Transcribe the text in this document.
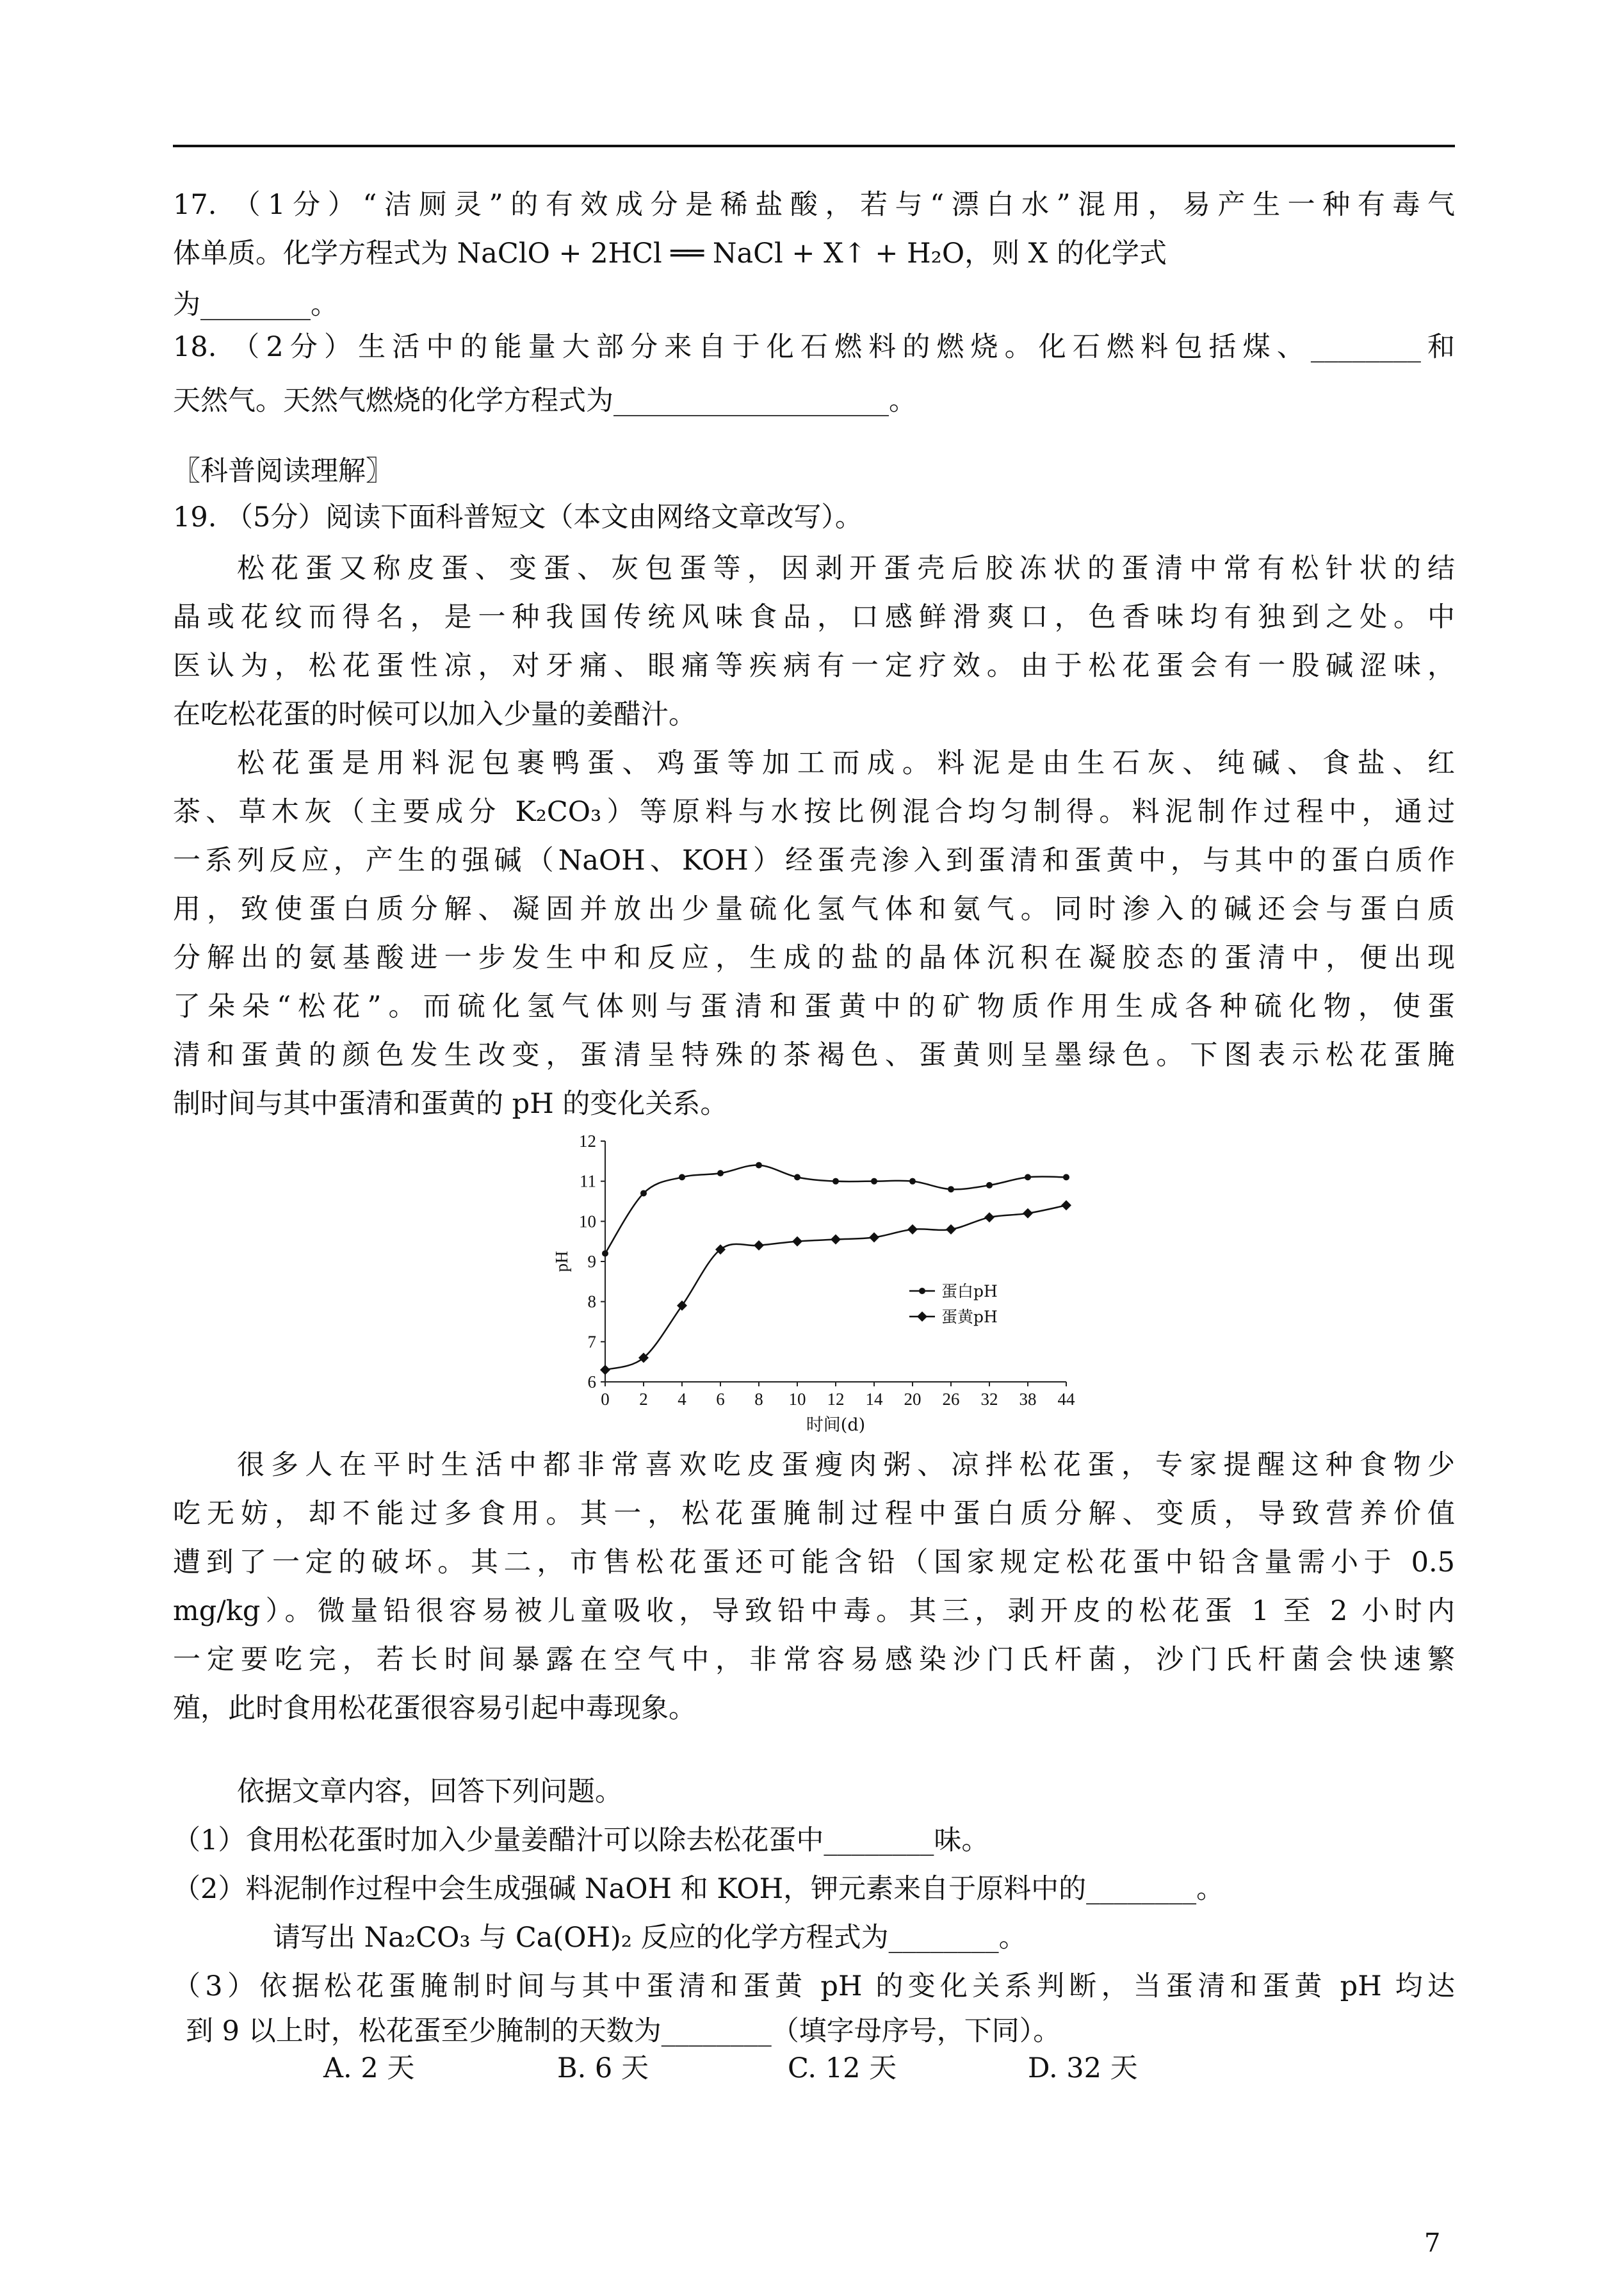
17. （1分）“洁厕灵”的有效成分是稀盐酸，若与“漂白水”混用，易产生一种有毒气
体单质。化学方程式为 NaClO + 2HCl ══ NaCl + X↑ + H₂O，则 X 的化学式
为________。
18. （2分）生活中的能量大部分来自于化石燃料的燃烧。化石燃料包括煤、________和
天然气。天然气燃烧的化学方程式为____________________。
〖科普阅读理解〗
19. （5分）阅读下面科普短文（本文由网络文章改写）。
松花蛋又称皮蛋、变蛋、灰包蛋等，因剥开蛋壳后胶冻状的蛋清中常有松针状的结
晶或花纹而得名，是一种我国传统风味食品，口感鲜滑爽口，色香味均有独到之处。中
医认为，松花蛋性凉，对牙痛、眼痛等疾病有一定疗效。由于松花蛋会有一股碱涩味，
在吃松花蛋的时候可以加入少量的姜醋汁。
松花蛋是用料泥包裹鸭蛋、鸡蛋等加工而成。料泥是由生石灰、纯碱、食盐、红
茶、草木灰（主要成分 K₂CO₃）等原料与水按比例混合均匀制得。料泥制作过程中，通过
一系列反应，产生的强碱（NaOH、KOH）经蛋壳渗入到蛋清和蛋黄中，与其中的蛋白质作
用，致使蛋白质分解、凝固并放出少量硫化氢气体和氨气。同时渗入的碱还会与蛋白质
分解出的氨基酸进一步发生中和反应，生成的盐的晶体沉积在凝胶态的蛋清中，便出现
了朵朵“松花”。而硫化氢气体则与蛋清和蛋黄中的矿物质作用生成各种硫化物，使蛋
清和蛋黄的颜色发生改变，蛋清呈特殊的茶褐色、蛋黄则呈墨绿色。下图表示松花蛋腌
制时间与其中蛋清和蛋黄的 pH 的变化关系。
6
7
8
9
10
11
12
0 2 4 6 8 10 12 14 20 26 32 38 44
pH
时间(d)
蛋白pH
蛋黄pH
很多人在平时生活中都非常喜欢吃皮蛋瘦肉粥、凉拌松花蛋，专家提醒这种食物少
吃无妨，却不能过多食用。其一，松花蛋腌制过程中蛋白质分解、变质，导致营养价值
遭到了一定的破坏。其二，市售松花蛋还可能含铅（国家规定松花蛋中铅含量需小于 0.5
mg/kg）。微量铅很容易被儿童吸收，导致铅中毒。其三，剥开皮的松花蛋 1 至 2 小时内
一定要吃完，若长时间暴露在空气中，非常容易感染沙门氏杆菌，沙门氏杆菌会快速繁
殖，此时食用松花蛋很容易引起中毒现象。
依据文章内容，回答下列问题。
（1）食用松花蛋时加入少量姜醋汁可以除去松花蛋中________味。
（2）料泥制作过程中会生成强碱 NaOH 和 KOH，钾元素来自于原料中的________。
请写出 Na₂CO₃ 与 Ca(OH)₂ 反应的化学方程式为________。
（3）依据松花蛋腌制时间与其中蛋清和蛋黄 pH 的变化关系判断，当蛋清和蛋黄 pH 均达
到 9 以上时，松花蛋至少腌制的天数为________（填字母序号，下同）。
A. 2 天	B. 6 天	C. 12 天	D. 32 天
7
